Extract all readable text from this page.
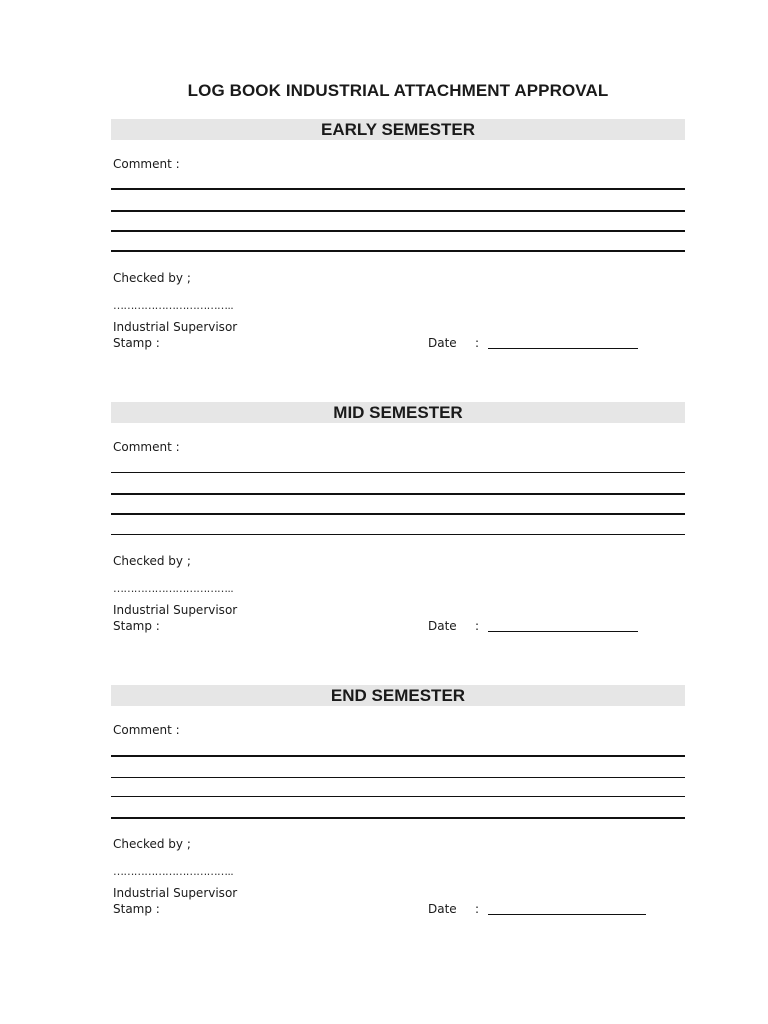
LOG BOOK INDUSTRIAL ATTACHMENT APPROVAL
EARLY SEMESTER
Comment :
Checked by ;
……………………………..
Industrial Supervisor
Stamp :	Date :
MID SEMESTER
Comment :
Checked by ;
……………………………..
Industrial Supervisor
Stamp :	Date :
END SEMESTER
Comment :
Checked by ;
……………………………..
Industrial Supervisor
Stamp :	Date :
